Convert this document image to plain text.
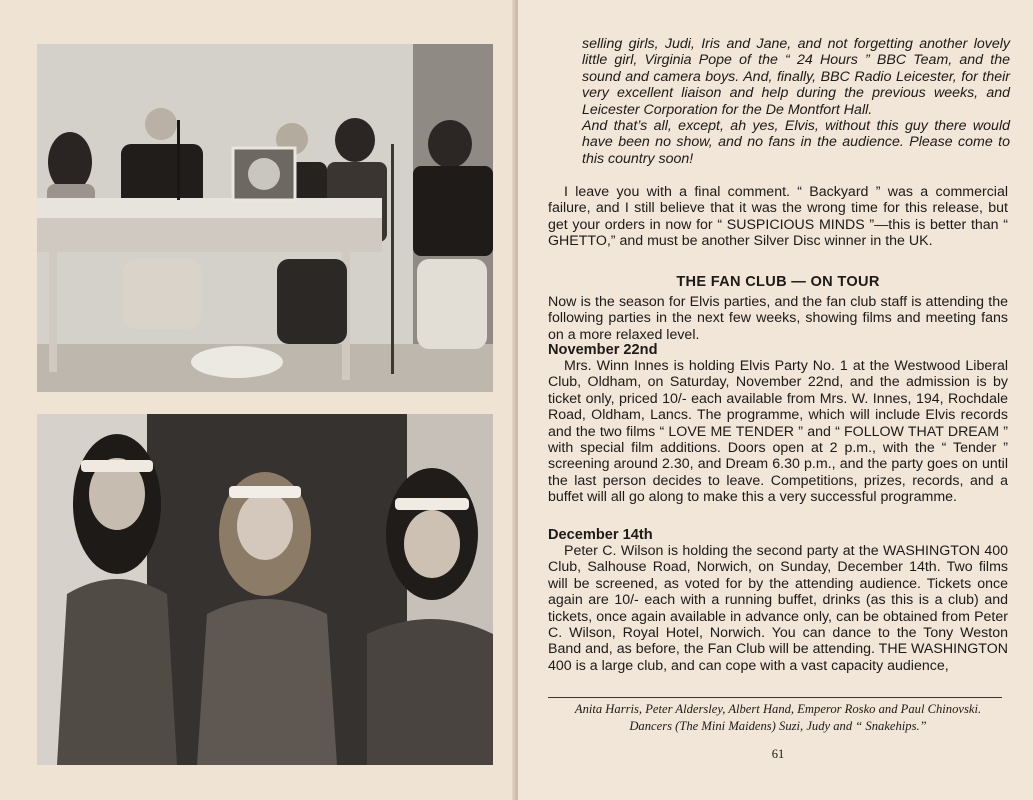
selling girls, Judi, Iris and Jane, and not forgetting another lovely little girl, Virginia Pope of the “ 24 Hours ” BBC Team, and the sound and camera boys. And, finally, BBC Radio Leicester, for their very excellent liaison and help during the previous weeks, and Leicester Corporation for the De Montfort Hall.

And that’s all, except, ah yes, Elvis, without this guy there would have been no show, and no fans in the audience. Please come to this country soon!

I leave you with a final comment. “ Backyard ” was a commercial failure, and I still believe that it was the wrong time for this release, but get your orders in now for “ SUSPICIOUS MINDS ”—this is better than “ GHETTO,” and must be another Silver Disc winner in the UK.

THE FAN CLUB — ON TOUR

Now is the season for Elvis parties, and the fan club staff is attending the following parties in the next few weeks, showing films and meeting fans on a more relaxed level.

November 22nd

Mrs. Winn Innes is holding Elvis Party No. 1 at the Westwood Liberal Club, Oldham, on Saturday, November 22nd, and the admission is by ticket only, priced 10/- each available from Mrs. W. Innes, 194, Rochdale Road, Oldham, Lancs. The programme, which will include Elvis records and the two films “ LOVE ME TENDER ” and “ FOLLOW THAT DREAM ” with special film additions. Doors open at 2 p.m., with the “ Tender ” screening around 2.30, and Dream 6.30 p.m., and the party goes on until the last person decides to leave. Competitions, prizes, records, and a buffet will all go along to make this a very successful programme.

December 14th

Peter C. Wilson is holding the second party at the WASHINGTON 400 Club, Salhouse Road, Norwich, on Sunday, December 14th. Two films will be screened, as voted for by the attending audience. Tickets once again are 10/- each with a running buffet, drinks (as this is a club) and tickets, once again available in advance only, can be obtained from Peter C. Wilson, Royal Hotel, Norwich. You can dance to the Tony Weston Band and, as before, the Fan Club will be attending. THE WASHINGTON 400 is a large club, and can cope with a vast capacity audience,

Anita Harris, Peter Aldersley, Albert Hand, Emperor Rosko and Paul Chinovski.
Dancers (The Mini Maidens) Suzi, Judy and “ Snakehips.”
61
